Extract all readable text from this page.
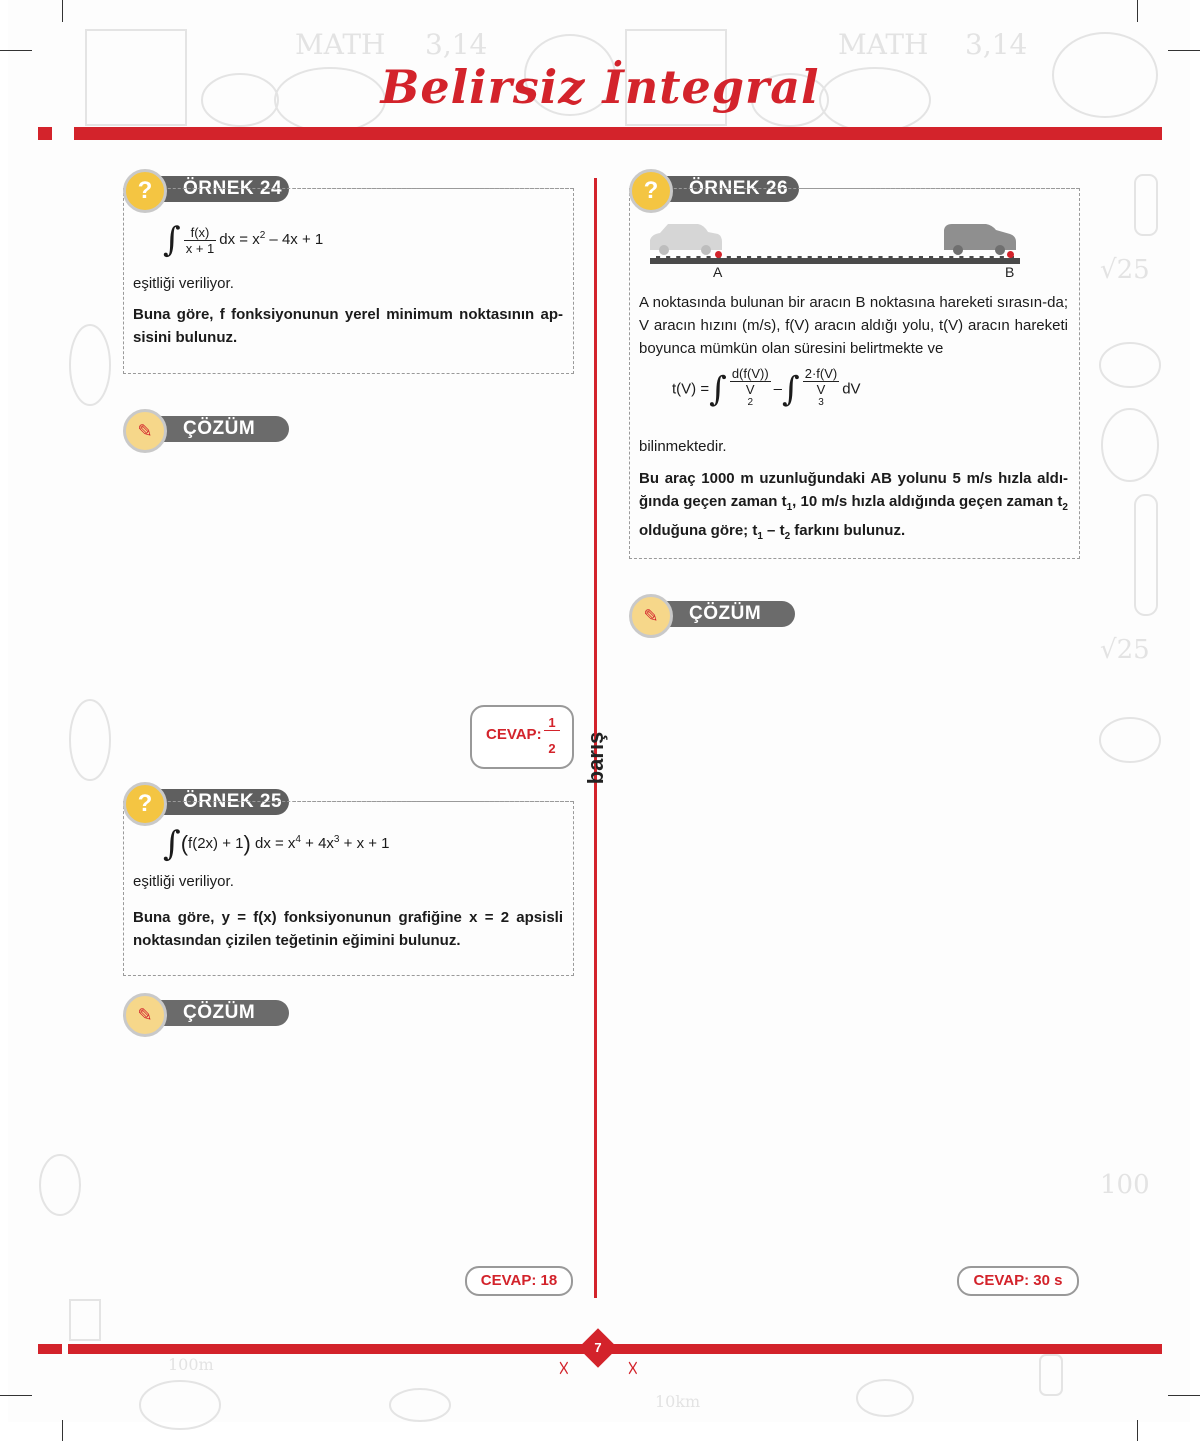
MATH 3,14	MATH 3,14
√25
√25
100
10km
100m
Belirsiz İntegral
barış
?	ÖRNEK 24
∫ $\frac{f(x)}{x + 1}$ dx = $x^2 - 4x + 1$

eşitliği veriliyor.

Buna göre, f fonksiyonunun yerel minimum noktasının ap-sisini bulunuz.

✎	ÇÖZÜM
CEVAP:
1
2
?	ÖRNEK 25
∫(f(2x) + 1) dx = $x^4 + 4x^3 + x + 1$

eşitliği veriliyor.

Buna göre, y = f(x) fonksiyonunun grafiğine x = 2 apsisli noktasından çizilen teğetinin eğimini bulunuz.

✎	ÇÖZÜM
CEVAP: 18
?	ÖRNEK 26
A	B

A noktasında bulunan bir aracın B noktasına hareketi sırasın-da; V aracın hızını (m/s), f(V) aracın aldığı yolu, t(V) aracın hareketi boyunca mümkün olan süresini belirtmekte ve

t(V) =∫ d(f(V))
V
$^2$ –∫ 2·f(V)
V
$^3$ dV

bilinmektedir.

Bu araç 1000 m uzunluğundaki AB yolunu 5 m/s hızla aldı-ğında geçen zaman $t_1$, 10 m/s hızla aldığında geçen zaman $t_2$ olduğuna göre; $t_1 - t_2$ farkını bulunuz.

✎	ÇÖZÜM
CEVAP: 30 s
7
☓	☓
